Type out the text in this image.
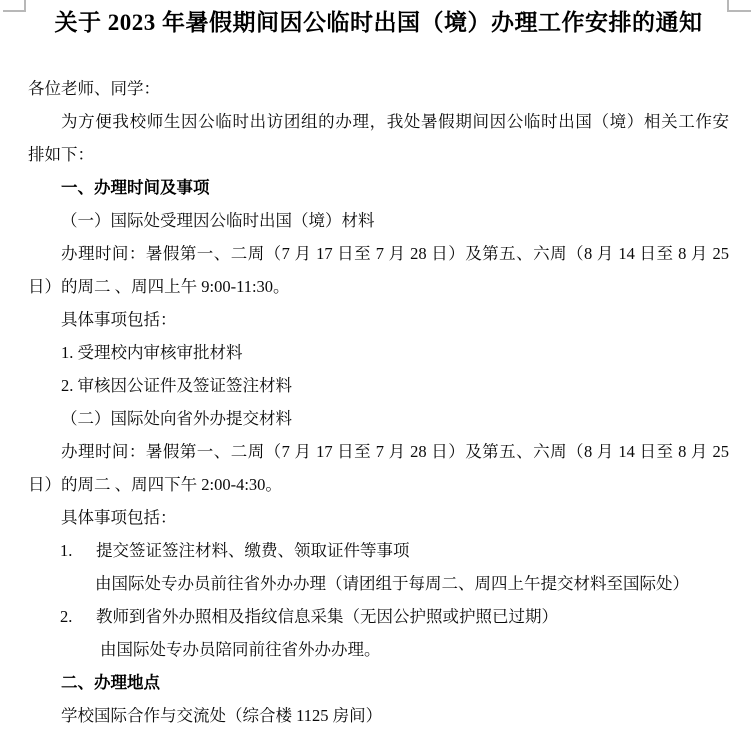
关于 2023 年暑假期间因公临时出国（境）办理工作安排的通知

各位老师、同学：

为方便我校师生因公临时出访团组的办理，我处暑假期间因公临时出国（境）相关工作安

排如下：

一、办理时间及事项

（一）国际处受理因公临时出国（境）材料

办理时间：暑假第一、二周（7 月 17 日至 7 月 28 日）及第五、六周（8 月 14 日至 8 月 25

日）的周二 、周四上午 9:00-11:30。

具体事项包括：

1. 受理校内审核审批材料

2. 审核因公证件及签证签注材料

（二）国际处向省外办提交材料

办理时间：暑假第一、二周（7 月 17 日至 7 月 28 日）及第五、六周（8 月 14 日至 8 月 25

日）的周二 、周四下午 2:00-4:30。

具体事项包括：

1. 提交签证签注材料、缴费、领取证件等事项

由国际处专办员前往省外办办理（请团组于每周二、周四上午提交材料至国际处）

2. 教师到省外办照相及指纹信息采集（无因公护照或护照已过期）

由国际处专办员陪同前往省外办办理。

二、办理地点

学校国际合作与交流处（综合楼 1125 房间）
